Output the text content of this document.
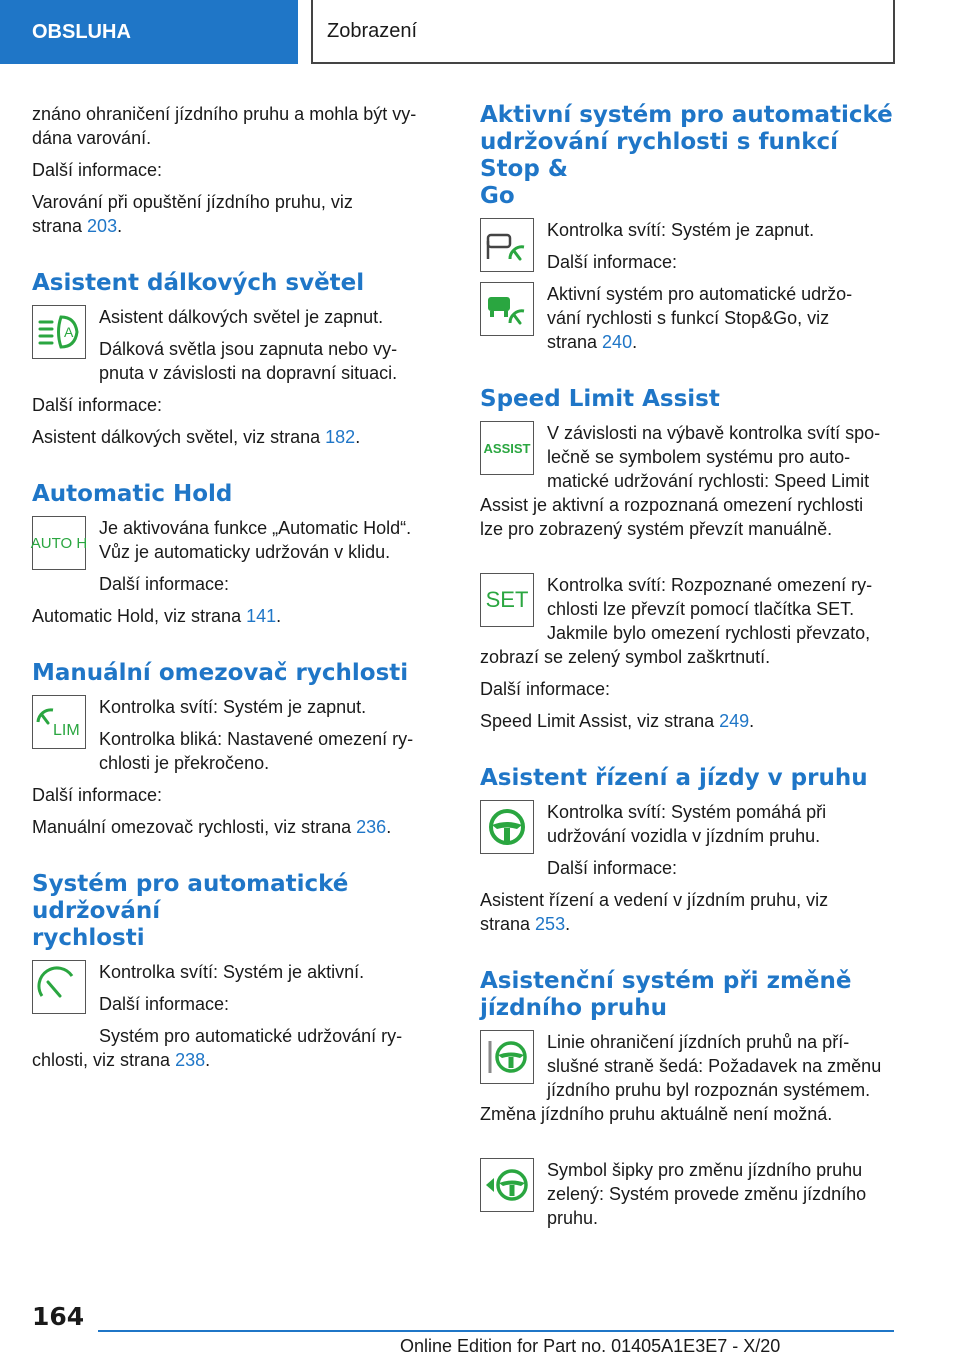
OBSLUHA	Zobrazení

znáno ohraničení jízdního pruhu a mohla být vy-

dána varování.

Další informace:

Varování při opuštění jízdního pruhu, viz

strana 203.

Asistent dálkových světel
A

Asistent dálkových světel je zapnut.

Dálková světla jsou zapnuta nebo vy-

pnuta v závislosti na dopravní situaci.

Další informace:

Asistent dálkových světel, viz strana 182.

Automatic Hold
AUTO H

Je aktivována funkce „Automatic Hold“.

Vůz je automaticky udržován v klidu.

Další informace:

Automatic Hold, viz strana 141.

Manuální omezovač rychlosti
LIM

Kontrolka svítí: Systém je zapnut.

Kontrolka bliká: Nastavené omezení ry-

chlosti je překročeno.

Další informace:

Manuální omezovač rychlosti, viz strana 236.

Systém pro automatické udržování
rychlosti

Kontrolka svítí: Systém je aktivní.

Další informace:

Systém pro automatické udržování ry-

chlosti, viz strana 238.

Aktivní systém pro automatické
udržování rychlosti s funkcí Stop &
Go

Kontrolka svítí: Systém je zapnut.

Další informace:

Aktivní systém pro automatické udržo-

vání rychlosti s funkcí Stop&Go, viz

strana 240.

Speed Limit Assist
ASSIST

V závislosti na výbavě kontrolka svítí spo-

lečně se symbolem systému pro auto-

matické udržování rychlosti: Speed Limit

Assist je aktivní a rozpoznaná omezení rychlosti

lze pro zobrazený systém převzít manuálně.

SET

Kontrolka svítí: Rozpoznané omezení ry-

chlosti lze převzít pomocí tlačítka SET.

Jakmile bylo omezení rychlosti převzato,

zobrazí se zelený symbol zaškrtnutí.

Další informace:

Speed Limit Assist, viz strana 249.

Asistent řízení a jízdy v pruhu

Kontrolka svítí: Systém pomáhá při

udržování vozidla v jízdním pruhu.

Další informace:

Asistent řízení a vedení v jízdním pruhu, viz

strana 253.

Asistenční systém při změně
jízdního pruhu

Linie ohraničení jízdních pruhů na pří-

slušné straně šedá: Požadavek na změnu

jízdního pruhu byl rozpoznán systémem.

Změna jízdního pruhu aktuálně není možná.

Symbol šipky pro změnu jízdního pruhu

zelený: Systém provede změnu jízdního

pruhu.

164
Online Edition for Part no. 01405A1E3E7 - X/20
